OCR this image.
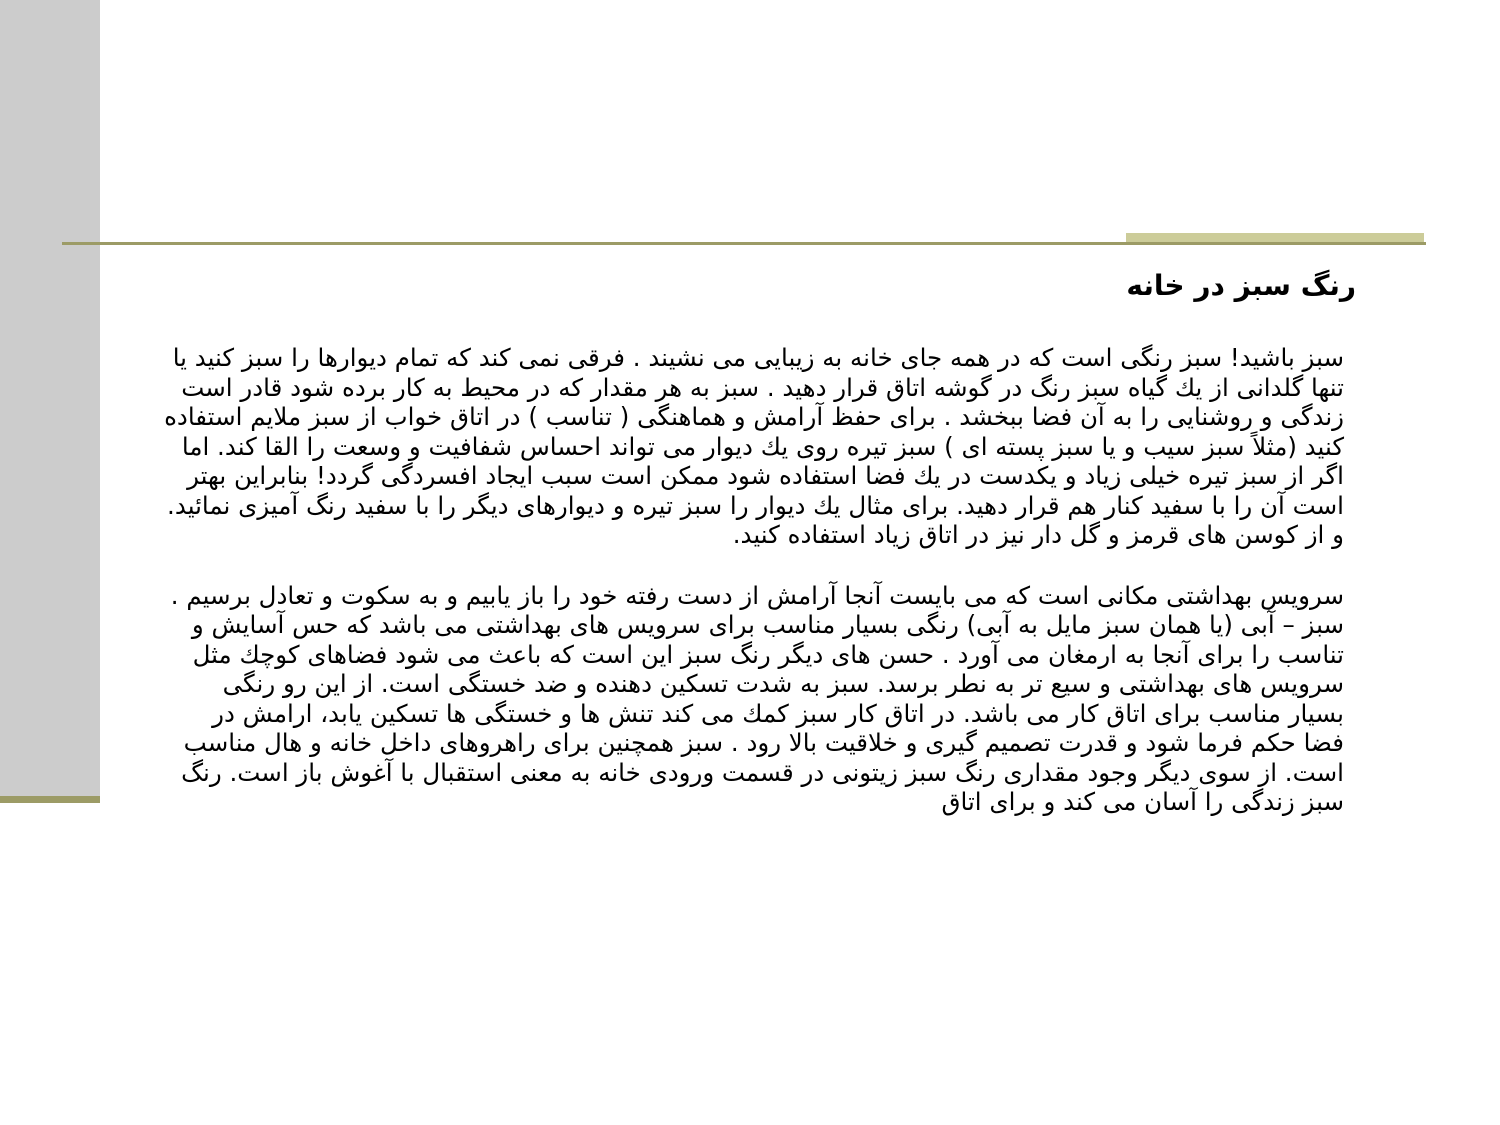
رنگ سبز در خانه

سبز باشید! سبز رنگی است که در همه جای خانه به زیبایی می نشیند . فرقی نمی کند که تمام دیوارها را سبز کنید یا تنها گلدانی از يك گیاه سبز رنگ در گوشه اتاق قرار دهید . سبز به هر مقدار که در محیط به کار برده شود قادر است زندگی و روشنایی را به آن فضا ببخشد . برای حفظ آرامش و هماهنگی ( تناسب ) در اتاق خواب از سبز ملایم استفاده کنید (مثلاً سبز سیب و یا سبز پسته ای ) سبز تیره روی يك دیوار می تواند احساس شفافیت و وسعت را القا کند. اما اگر از سبز تیره خیلی زیاد و یکدست در يك فضا استفاده شود ممکن است سبب ایجاد افسردگی گردد! بنابراین بهتر است آن را با سفید کنار هم قرار دهید. برای مثال يك دیوار را سبز تیره و دیوارهای دیگر را با سفید رنگ آمیزی نمائید. و از کوسن های قرمز و گل دار نیز در اتاق زیاد استفاده کنید.

سرویس بهداشتی مکانی است که می بایست آنجا آرامش از دست رفته خود را باز یابیم و به سکوت و تعادل برسیم . سبز – آبی (یا همان سبز مایل به آبی) رنگی بسیار مناسب برای سرویس های بهداشتی می باشد که حس آسایش و تناسب را برای آنجا به ارمغان می آورد . حسن های دیگر رنگ سبز این است که باعث می شود فضاهای کوچك مثل سرویس های بهداشتی و سیع تر به نطر برسد. سبز به شدت تسکین دهنده و ضد خستگی است. از این رو رنگی بسیار مناسب برای اتاق کار می باشد. در اتاق کار سبز کمك می کند تنش ها و خستگی ها تسکین یابد، ارامش در فضا حکم فرما شود و قدرت تصمیم گیری و خلاقیت بالا رود . سبز همچنین برای راهروهای داخل خانه و هال مناسب است. از سوی دیگر وجود مقداری رنگ سبز زیتونی در قسمت ورودی خانه به معنی استقبال با آغوش باز است. رنگ سبز زندگی را آسان می کند و برای اتاق
